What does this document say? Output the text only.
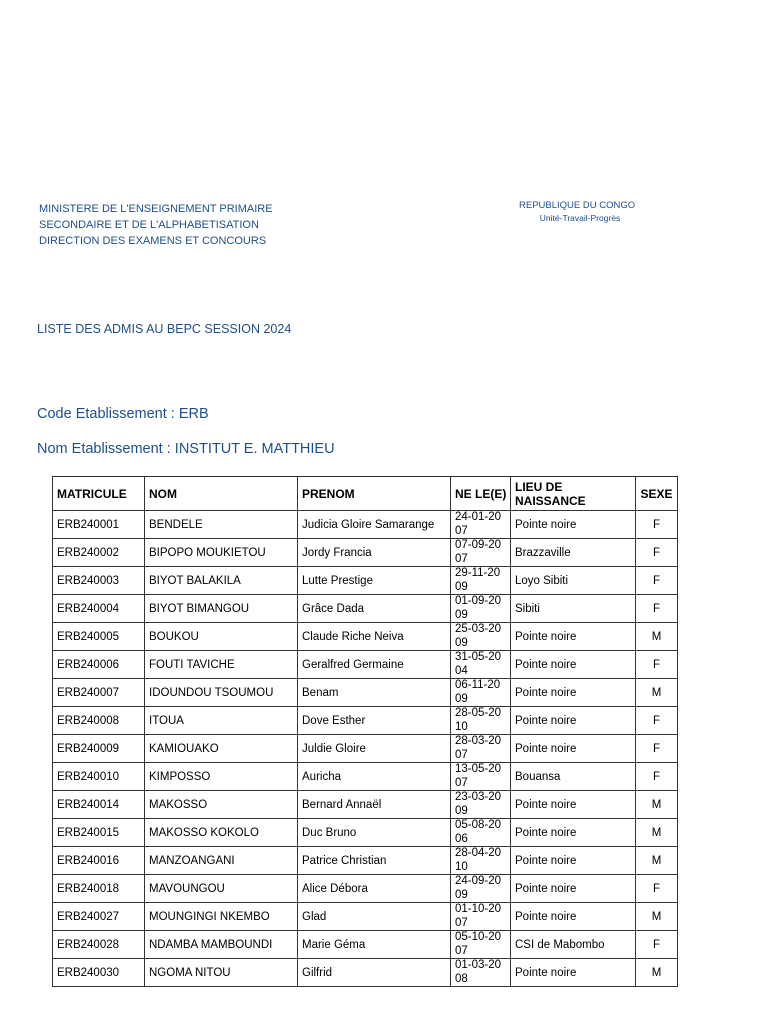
MINISTERE DE L'ENSEIGNEMENT PRIMAIRE
SECONDAIRE ET DE L'ALPHABETISATION
DIRECTION DES EXAMENS ET CONCOURS
REPUBLIQUE DU CONGO
Unité-Travail-Progrès
LISTE DES ADMIS AU BEPC SESSION 2024
Code Etablissement : ERB
Nom Etablissement : INSTITUT E. MATTHIEU
MATRICULE	NOM	PRENOM	NE LE(E)	LIEU DE NAISSANCE	SEXE
ERB240001	BENDELE	Judicia Gloire Samarange	24-01-2007	Pointe noire	F
ERB240002	BIPOPO MOUKIETOU	Jordy Francia	07-09-2007	Brazzaville	F
ERB240003	BIYOT BALAKILA	Lutte Prestige	29-11-2009	Loyo Sibiti	F
ERB240004	BIYOT BIMANGOU	Grâce Dada	01-09-2009	Sibiti	F
ERB240005	BOUKOU	Claude Riche Neiva	25-03-2009	Pointe noire	M
ERB240006	FOUTI TAVICHE	Geralfred Germaine	31-05-2004	Pointe noire	F
ERB240007	IDOUNDOU TSOUMOU	Benam	06-11-2009	Pointe noire	M
ERB240008	ITOUA	Dove Esther	28-05-2010	Pointe noire	F
ERB240009	KAMIOUAKO	Juldie Gloire	28-03-2007	Pointe noire	F
ERB240010	KIMPOSSO	Auricha	13-05-2007	Bouansa	F
ERB240014	MAKOSSO	Bernard Annaël	23-03-2009	Pointe noire	M
ERB240015	MAKOSSO KOKOLO	Duc Bruno	05-08-2006	Pointe noire	M
ERB240016	MANZOANGANI	Patrice Christian	28-04-2010	Pointe noire	M
ERB240018	MAVOUNGOU	Alice Débora	24-09-2009	Pointe noire	F
ERB240027	MOUNGINGI NKEMBO	Glad	01-10-2007	Pointe noire	M
ERB240028	NDAMBA MAMBOUNDI	Marie Géma	05-10-2007	CSI de Mabombo	F
ERB240030	NGOMA NITOU	Gilfrid	01-03-2008	Pointe noire	M
